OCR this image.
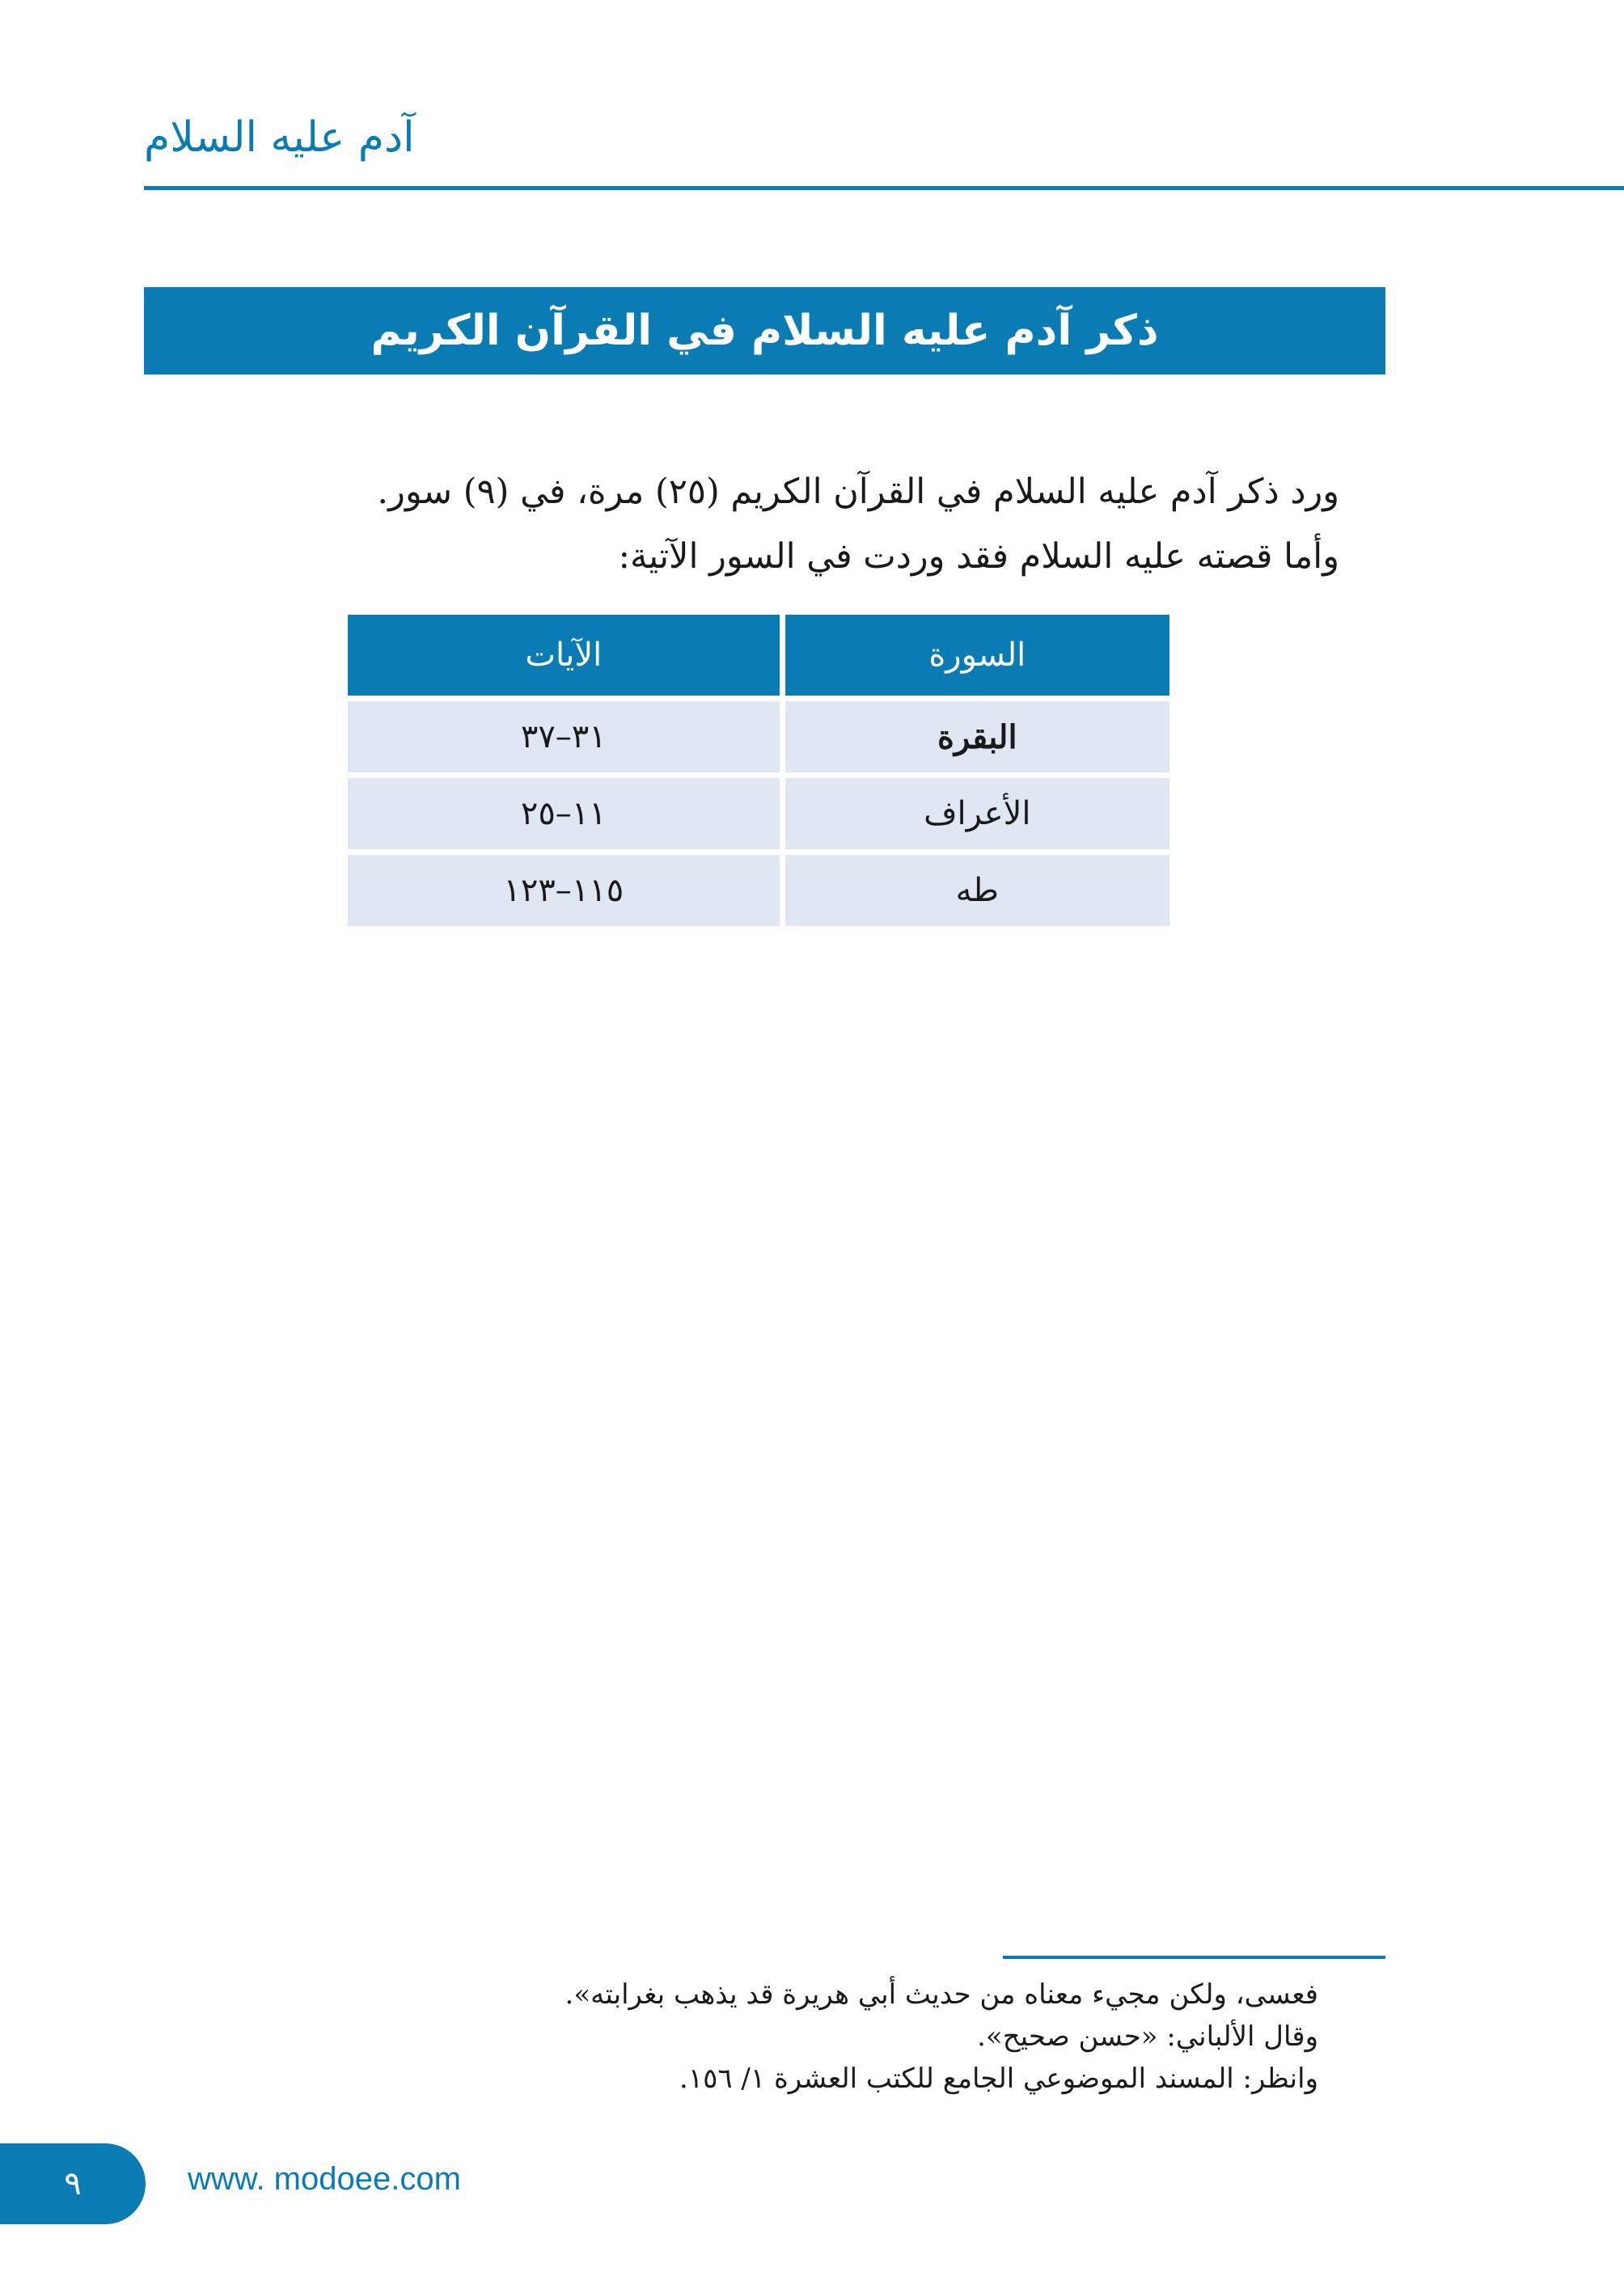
آدم عليه السلام
ذكر آدم عليه السلام في القرآن الكريم

ورد ذكر آدم عليه السلام في القرآن الكريم (٢٥) مرة، في (٩) سور.

وأما قصته عليه السلام فقد وردت في السور الآتية:

السورة	الآيات
البقرة	٣١–٣٧
الأعراف	١١–٢٥
طه	١١٥–١٢٣

فعسى، ولكن مجيء معناه من حديث أبي هريرة قد يذهب بغرابته».

وقال الألباني: «حسن صحيح».

وانظر: المسند الموضوعي الجامع للكتب العشرة ١/ ١٥٦.

٩	www. modoee.com
